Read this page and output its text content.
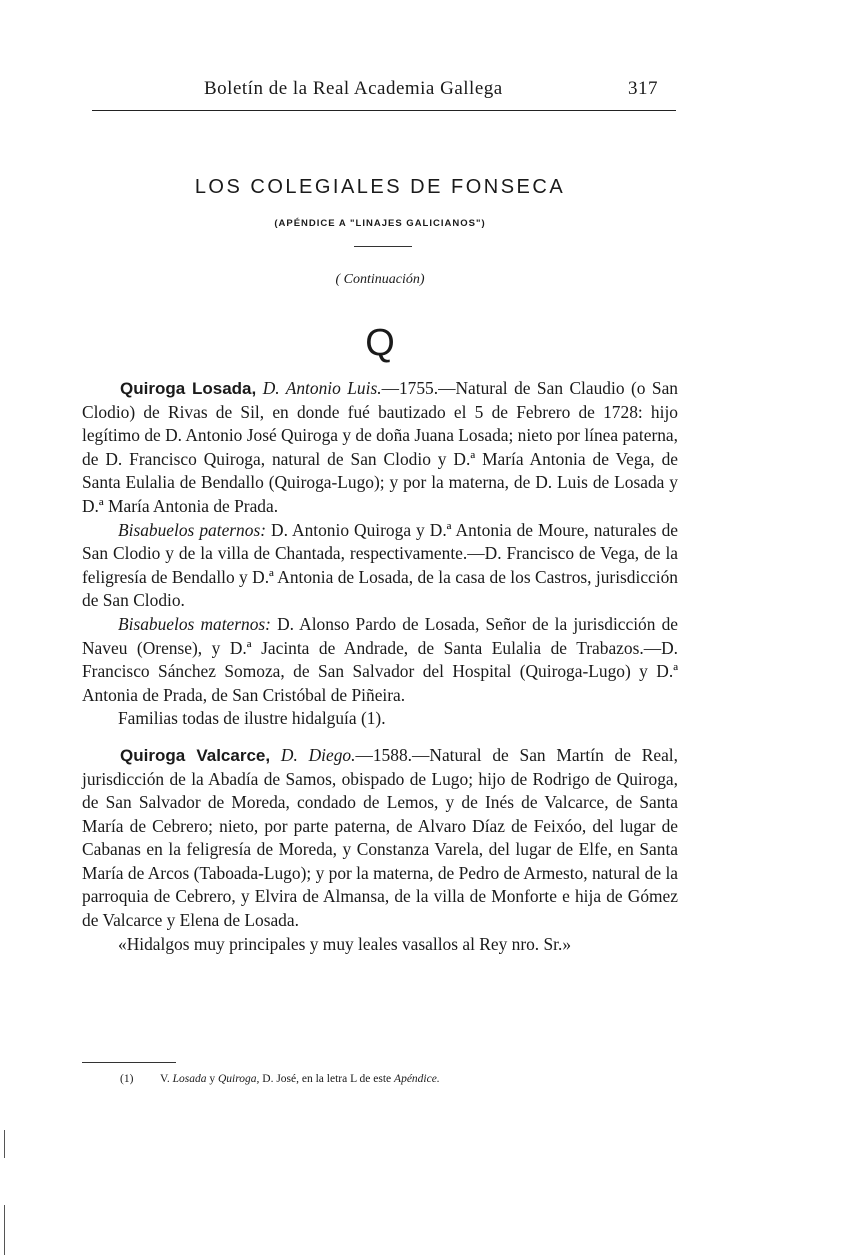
Boletín de la Real Academia Gallega	317
LOS COLEGIALES DE FONSECA
(APÉNDICE A "LINAJES GALICIANOS")
( Continuación)
Q

Quiroga Losada, D. Antonio Luis.—1755.—Natural de San Claudio (o San Clodio) de Rivas de Sil, en donde fué bautizado el 5 de Febrero de 1728: hijo legítimo de D. Antonio José Quiroga y de doña Juana Losada; nieto por línea paterna, de D. Francisco Quiroga, natural de San Clodio y D.ª María Antonia de Vega, de Santa Eulalia de Bendallo (Quiroga-Lugo); y por la materna, de D. Luis de Losada y D.ª María Antonia de Prada.

Bisabuelos paternos: D. Antonio Quiroga y D.ª Antonia de Moure, naturales de San Clodio y de la villa de Chantada, respectivamente.—D. Francisco de Vega, de la feligresía de Bendallo y D.ª Antonia de Losada, de la casa de los Castros, jurisdicción de San Clodio.

Bisabuelos maternos: D. Alonso Pardo de Losada, Señor de la jurisdicción de Naveu (Orense), y D.ª Jacinta de Andrade, de Santa Eulalia de Trabazos.—D. Francisco Sánchez Somoza, de San Salvador del Hospital (Quiroga-Lugo) y D.ª Antonia de Prada, de San Cristóbal de Piñeira.

Familias todas de ilustre hidalguía (1).

Quiroga Valcarce, D. Diego.—1588.—Natural de San Martín de Real, jurisdicción de la Abadía de Samos, obispado de Lugo; hijo de Rodrigo de Quiroga, de San Salvador de Moreda, condado de Lemos, y de Inés de Valcarce, de Santa María de Cebrero; nieto, por parte paterna, de Alvaro Díaz de Feixóo, del lugar de Cabanas en la feligresía de Moreda, y Constanza Varela, del lugar de Elfe, en Santa María de Arcos (Taboada-Lugo); y por la materna, de Pedro de Armesto, natural de la parroquia de Cebrero, y Elvira de Almansa, de la villa de Monforte e hija de Gómez de Valcarce y Elena de Losada.

«Hidalgos muy principales y muy leales vasallos al Rey nro. Sr.»

(1) V. Losada y Quiroga, D. José, en la letra L de este Apéndice.
